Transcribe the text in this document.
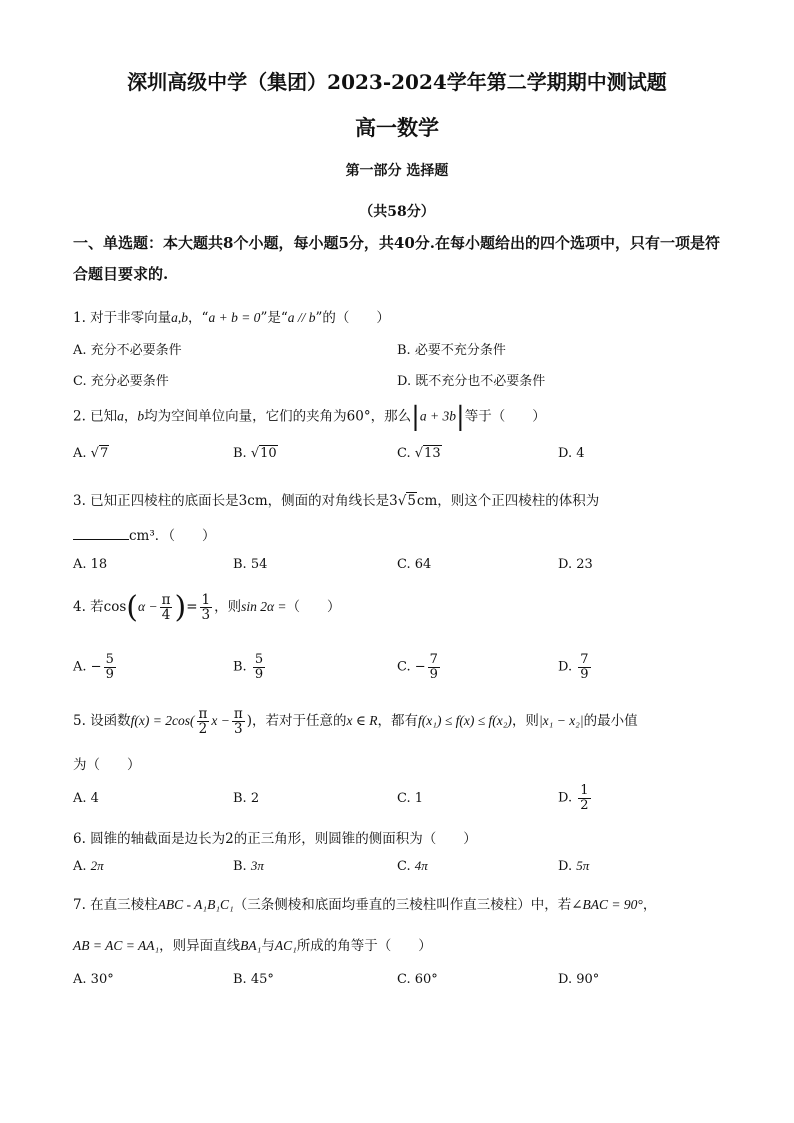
深圳高级中学（集团）2023-2024学年第二学期期中测试题
高一数学
第一部分 选择题
（共58分）
一、单选题：本大题共8个小题，每小题5分，共40分.在每小题给出的四个选项中，只有一项是符合题目要求的.
1. 对于非零向量a,b，“a + b = 0”是“a // b”的（　　）
A. 充分不必要条件	B. 必要不充分条件
C. 充分必要条件	D. 既不充分也不必要条件
2. 已知a，b均为空间单位向量，它们的夹角为60°，那么|a + 3b|等于（　　）
A. √7	B. √10	C. √13	D. 4
3. 已知正四棱柱的底面长是3cm，侧面的对角线长是3√5cm，则这个正四棱柱的体积为
cm³．（　　）
A. 18	B. 54	C. 64	D. 23
4. 若$\cos(\alpha - \frac{\pi}{4}$ )= $\frac{1}{3}$ ，则sin 2α =（　　）
A. − $\frac{5}{9}$	B. $\frac{5}{9}$	C. − $\frac{7}{9}$	D. $\frac{7}{9}$
5. 设函数$f(x) = 2\cos( \frac{\pi}{2}$ $x - \frac{\pi}{3}$ )，若对于任意的x ∈ R，都有f(x₁) ≤ f(x) ≤ f(x₂)，则|x₁ − x₂|的最小值
为（　　）
A. 4	B. 2	C. 1	D. $\frac{1}{2}$
6. 圆锥的轴截面是边长为2的正三角形，则圆锥的侧面积为（　　）
A. 2π	B. 3π	C. 4π	D. 5π
7. 在直三棱柱ABC - A₁B₁C₁（三条侧棱和底面均垂直的三棱柱叫作直三棱柱）中，若∠BAC = 90°，
AB = AC = AA₁，则异面直线BA₁与AC₁所成的角等于（　　）
A. 30°	B. 45°	C. 60°	D. 90°
